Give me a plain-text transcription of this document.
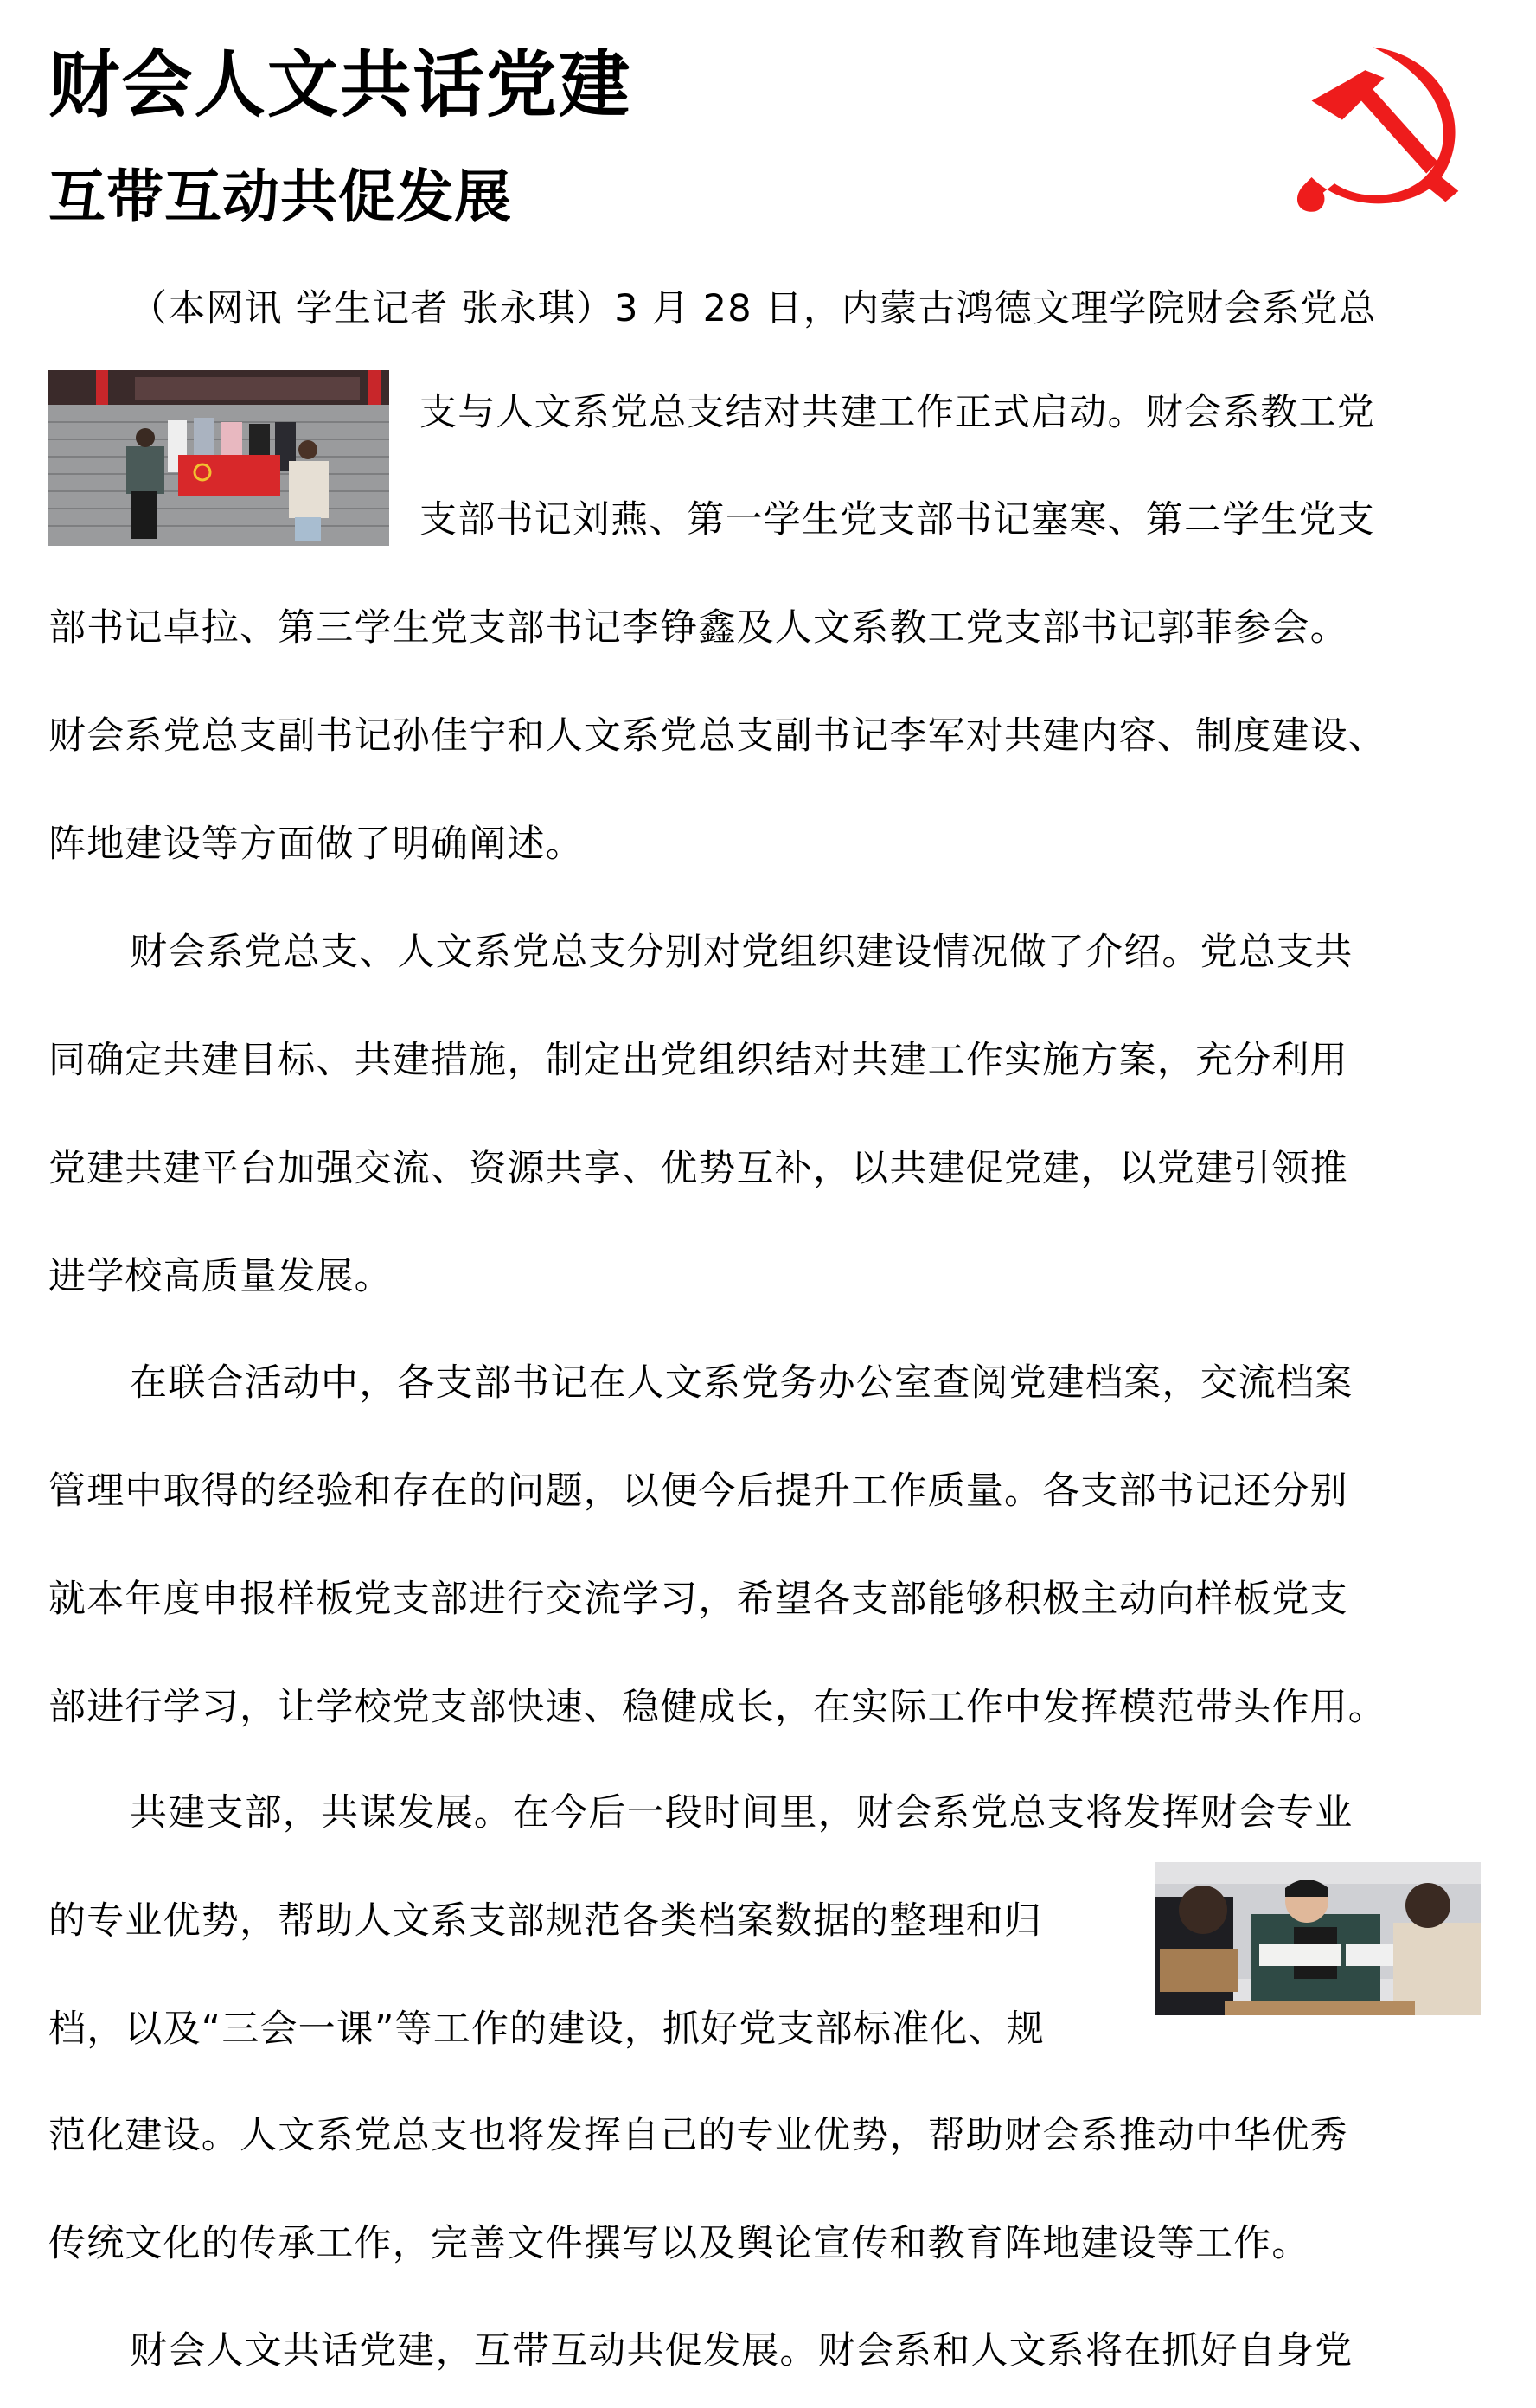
财会人文共话党建
互带互动共促发展
（本网讯 学生记者 张永琪）3 月 28 日，内蒙古鸿德文理学院财会系党总
支与人文系党总支结对共建工作正式启动。财会系教工党
支部书记刘燕、第一学生党支部书记塞寒、第二学生党支
部书记卓拉、第三学生党支部书记李铮鑫及人文系教工党支部书记郭菲参会。
财会系党总支副书记孙佳宁和人文系党总支副书记李军对共建内容、制度建设、
阵地建设等方面做了明确阐述。
财会系党总支、人文系党总支分别对党组织建设情况做了介绍。党总支共
同确定共建目标、共建措施，制定出党组织结对共建工作实施方案，充分利用
党建共建平台加强交流、资源共享、优势互补，以共建促党建，以党建引领推
进学校高质量发展。
在联合活动中，各支部书记在人文系党务办公室查阅党建档案，交流档案
管理中取得的经验和存在的问题，以便今后提升工作质量。各支部书记还分别
就本年度申报样板党支部进行交流学习，希望各支部能够积极主动向样板党支
部进行学习，让学校党支部快速、稳健成长，在实际工作中发挥模范带头作用。
共建支部，共谋发展。在今后一段时间里，财会系党总支将发挥财会专业
的专业优势，帮助人文系支部规范各类档案数据的整理和归
档，以及“三会一课”等工作的建设，抓好党支部标准化、规
范化建设。人文系党总支也将发挥自己的专业优势，帮助财会系推动中华优秀
传统文化的传承工作，完善文件撰写以及舆论宣传和教育阵地建设等工作。
财会人文共话党建，互带互动共促发展。财会系和人文系将在抓好自身党
